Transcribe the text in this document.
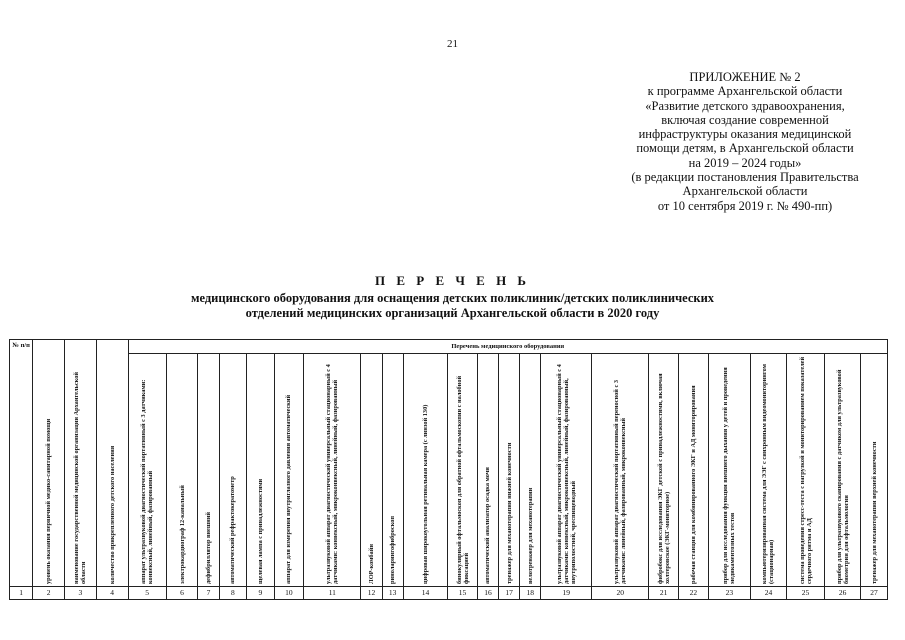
21
ПРИЛОЖЕНИЕ № 2
к программе Архангельской области
«Развитие детского здравоохранения,
включая создание современной
инфраструктуры оказания медицинской
помощи детям, в Архангельской области
на 2019 – 2024 годы»
(в редакции постановления Правительства
Архангельской области
от 10 сентября 2019 г. № 490-пп)
П Е Р Е Ч Е Н Ь
медицинского оборудования для оснащения детских поликлиник/детских поликлинических
отделений медицинских организаций Архангельской области в 2020 году
№ п/п	уровень оказания первичной медико-санитарной помощи	наименование государственной медицинской организации Архангельской области	количество прикрепленного детского населения	Перечень медицинского оборудования																						

				аппарат ультразвуковой диагностический портативный с 3 датчиками: конвексный, линейный, фазированный	электрокардиограф 12-канальный	дефибриллятор внешний	автоматический рефрактокератометр	щелевая лампа с принадлежностями	аппарат для измерения внутриглазного давления автоматический	ультразвуковой аппарат диагностический универсальный стационарный с 4 датчиками: конвексный, микроконвексный, линейный, фазированный	ЛОР-комбайн	риноларингофиброскоп	цифровая широкоугольная ретинальная камера (с линзой 130)	бинокулярный офтальмоскоп для обратной офтальмоскопии с налобной фиксацией	автоматический анализатор осадка мочи	тренажер для механотерапии нижней конечности	велотренажер для механотерапии	ультразвуковой аппарат диагностический универсальный стационарный с 4 датчиками: конвексный, микроконвексный, линейный, фазированный, внутриполостной, чреспищеводный	ультразвуковой аппарат диагностический портативный переносной с 3 датчиками: линейный, фазированный, микроконвексный	фибробокс для исследования ЭКГ детской с принадлежностями, включая холтеровское (ЭКГ-мониторное)	рабочая станция для комбинированного ЭКГ и АД мониторирования	прибор для исследования функции внешнего дыхания у детей и проведения медикаментозных тестов	компьютеризированная система для ЭЭГ с синхронным видеомониторингом (стационарная)	система проведения стресс-теста с нагрузкой и мониторированием показателей сердечного ритма и АД	прибор для ультразвукового сканирования с датчиком для ультразвуковой биометрии для офтальмологии	тренажер для механотерапии верхней конечности

1	2	3	4	5	6	7	8	9	10	11	12	13	14	15	16	17	18	19	20	21	22	23	24	25	26	27
